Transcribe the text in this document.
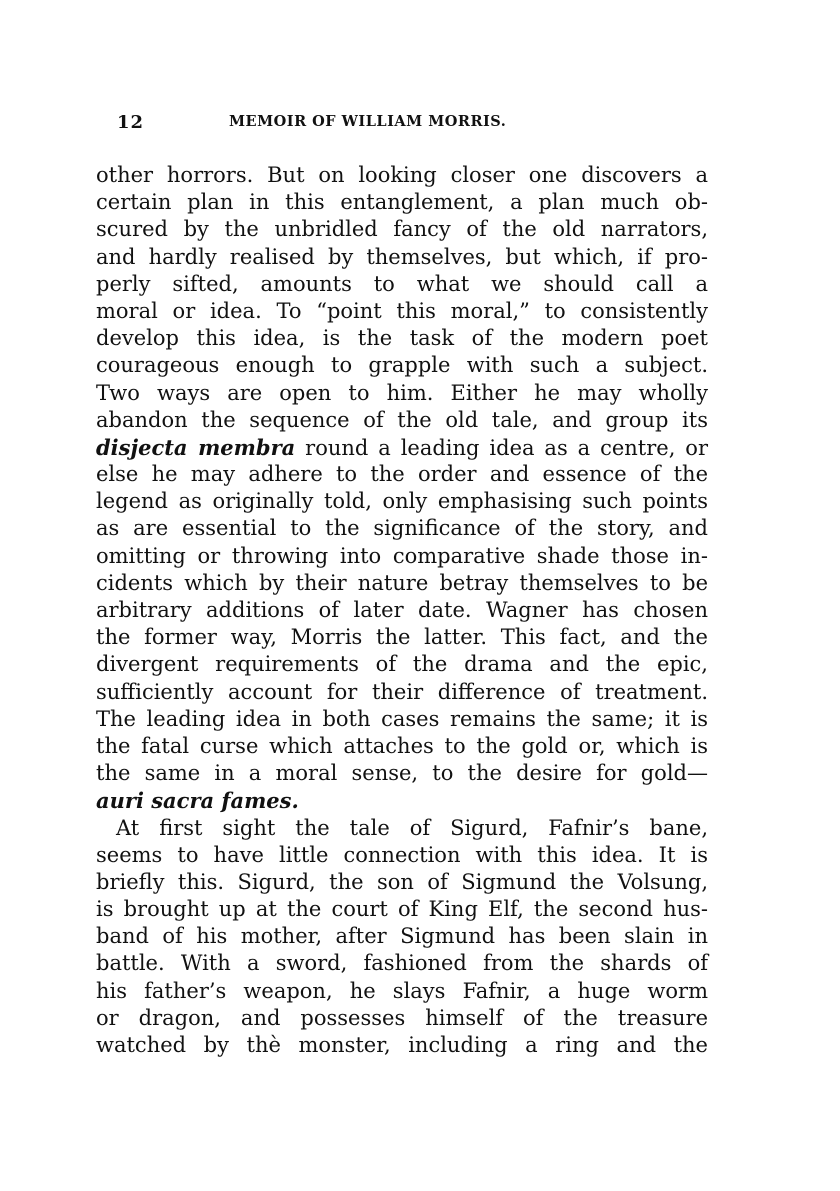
12	MEMOIR OF WILLIAM MORRIS.
other horrors. But on looking closer one discovers a
certain plan in this entanglement, a plan much ob-
scured by the unbridled fancy of the old narrators,
and hardly realised by themselves, but which, if pro-
perly sifted, amounts to what we should call a
moral or idea. To “point this moral,” to consistently
develop this idea, is the task of the modern poet
courageous enough to grapple with such a subject.
Two ways are open to him. Either he may wholly
abandon the sequence of the old tale, and group its
disjecta membra round a leading idea as a centre, or
else he may adhere to the order and essence of the
legend as originally told, only emphasising such points
as are essential to the significance of the story, and
omitting or throwing into comparative shade those in-
cidents which by their nature betray themselves to be
arbitrary additions of later date. Wagner has chosen
the former way, Morris the latter. This fact, and the
divergent requirements of the drama and the epic,
sufficiently account for their difference of treatment.
The leading idea in both cases remains the same; it is
the fatal curse which attaches to the gold or, which is
the same in a moral sense, to the desire for gold—
auri sacra fames.
At first sight the tale of Sigurd, Fafnir’s bane,
seems to have little connection with this idea. It is
briefly this. Sigurd, the son of Sigmund the Volsung,
is brought up at the court of King Elf, the second hus-
band of his mother, after Sigmund has been slain in
battle. With a sword, fashioned from the shards of
his father’s weapon, he slays Fafnir, a huge worm
or dragon, and possesses himself of the treasure
watched by thè monster, including a ring and the
